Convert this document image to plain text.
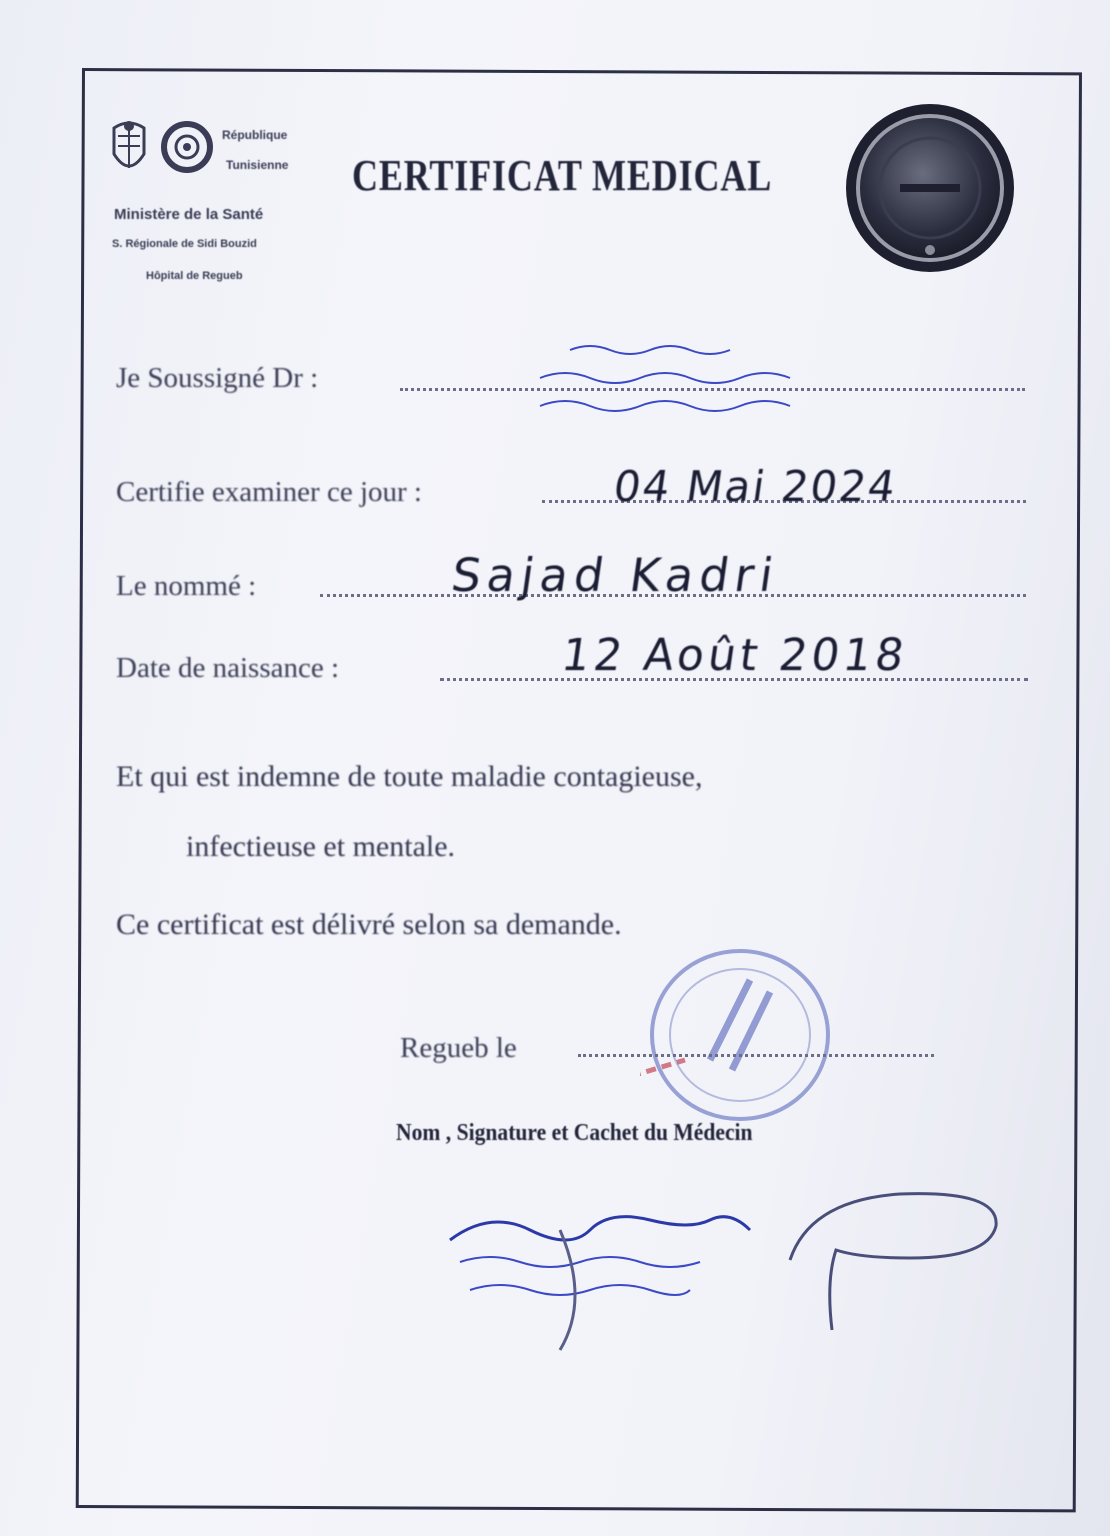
République
Tunisienne
Ministère de la Santé
S. Régionale de Sidi Bouzid
Hôpital de Regueb
CERTIFICAT MEDICAL
Je Soussigné Dr :
Certifie examiner ce jour :	04 Mai 2024
Le nommé :	Sajad Kadri
Date de naissance :	12 Août 2018
Et qui est indemne de toute maladie contagieuse,
infectieuse et mentale.
Ce certificat est délivré selon sa demande.
Regueb le
Nom , Signature et Cachet du Médecin
